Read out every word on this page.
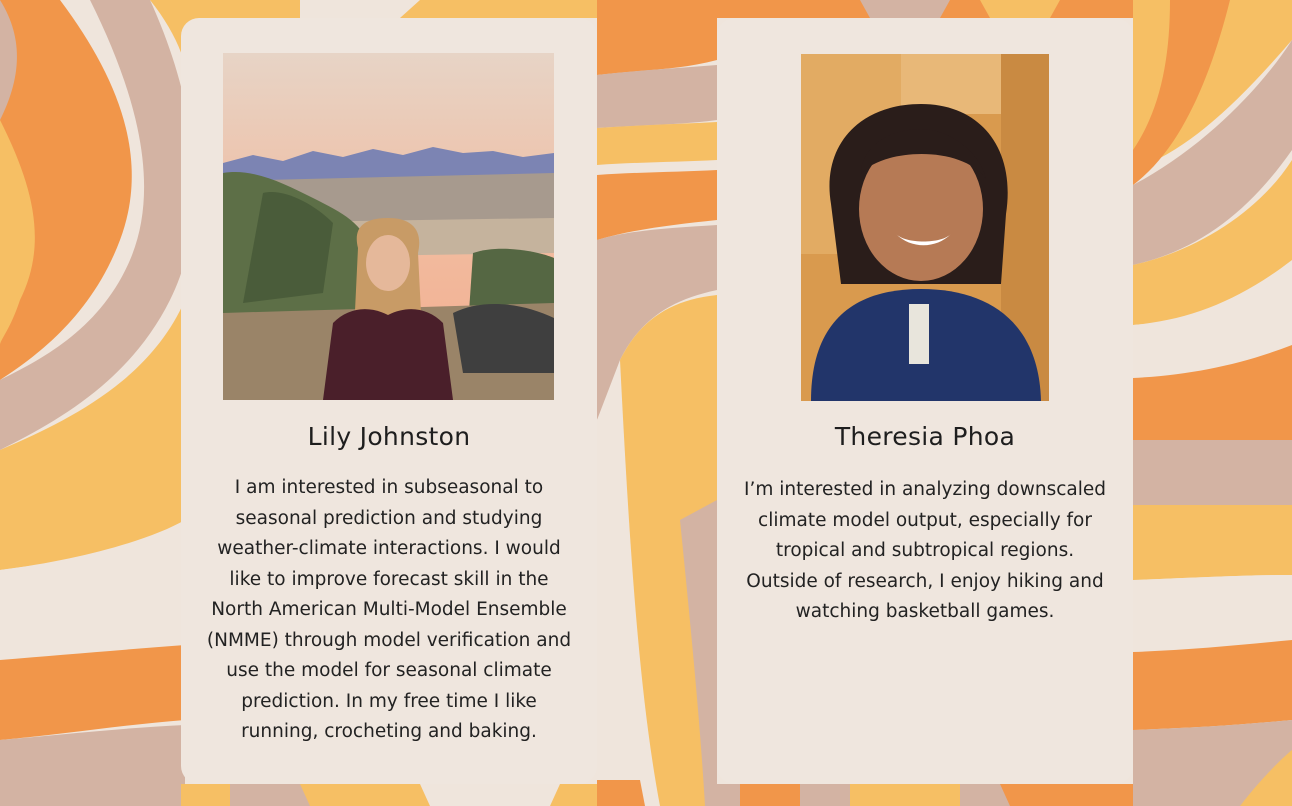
Lily Johnston
I am interested in subseasonal to seasonal prediction and studying weather-climate interactions. I would like to improve forecast skill in the North American Multi-Model Ensemble (NMME) through model verification and use the model for seasonal climate prediction. In my free time I like running, crocheting and baking.
Theresia Phoa
I’m interested in analyzing downscaled climate model output, especially for tropical and subtropical regions. Outside of research, I enjoy hiking and watching basketball games.
